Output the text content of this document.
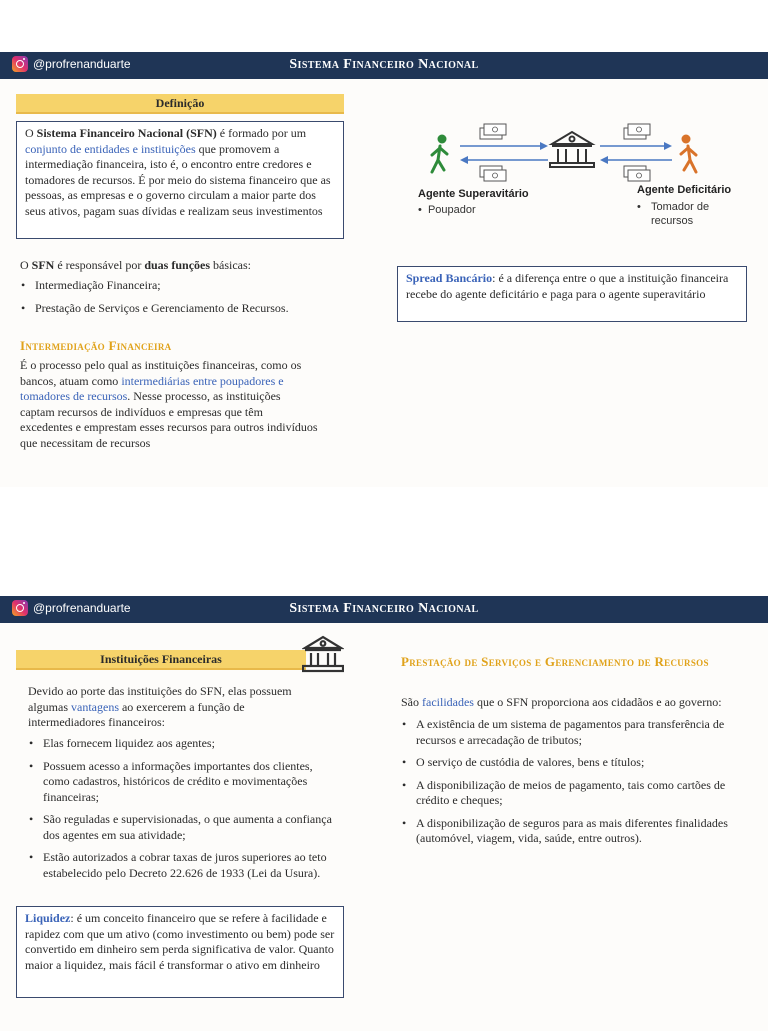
@profrenanduarte	Sistema Financeiro Nacional
Definição
O Sistema Financeiro Nacional (SFN) é formado por um conjunto de entidades e instituições que promovem a intermediação financeira, isto é, o encontro entre credores e tomadores de recursos. É por meio do sistema financeiro que as pessoas, as empresas e o governo circulam a maior parte dos seus ativos, pagam suas dívidas e realizam seus investimentos
O SFN é responsável por duas funções básicas:
• Intermediação Financeira;
• Prestação de Serviços e Gerenciamento de Recursos.
Intermediação Financeira
É o processo pelo qual as instituições financeiras, como os bancos, atuam como intermediárias entre poupadores e tomadores de recursos. Nesse processo, as instituições captam recursos de indivíduos e empresas que têm excedentes e emprestam esses recursos para outros indivíduos que necessitam de recursos
Agente Superavitário
•  Poupador
Agente Deficitário
• Tomador de recursos
Spread Bancário: é a diferença entre o que a instituição financeira recebe do agente deficitário e paga para o agente superavitário
@profrenanduarte	Sistema Financeiro Nacional
Instituições Financeiras
Devido ao porte das instituições do SFN, elas possuem algumas vantagens ao exercerem a função de intermediadores financeiros:
• Elas fornecem liquidez aos agentes;
• Possuem acesso a informações importantes dos clientes, como cadastros, históricos de crédito e movimentações financeiras;
• São reguladas e supervisionadas, o que aumenta a confiança dos agentes em sua atividade;
• Estão autorizados a cobrar taxas de juros superiores ao teto estabelecido pelo Decreto 22.626 de 1933 (Lei da Usura).
Liquidez: é um conceito financeiro que se refere à facilidade e rapidez com que um ativo (como investimento ou bem) pode ser convertido em dinheiro sem perda significativa de valor. Quanto maior a liquidez, mais fácil é transformar o ativo em dinheiro
Prestação de Serviços e Gerenciamento de Recursos
São facilidades que o SFN proporciona aos cidadãos e ao governo:
• A existência de um sistema de pagamentos para transferência de recursos e arrecadação de tributos;
• O serviço de custódia de valores, bens e títulos;
• A disponibilização de meios de pagamento, tais como cartões de crédito e cheques;
• A disponibilização de seguros para as mais diferentes finalidades (automóvel, viagem, vida, saúde, entre outros).
